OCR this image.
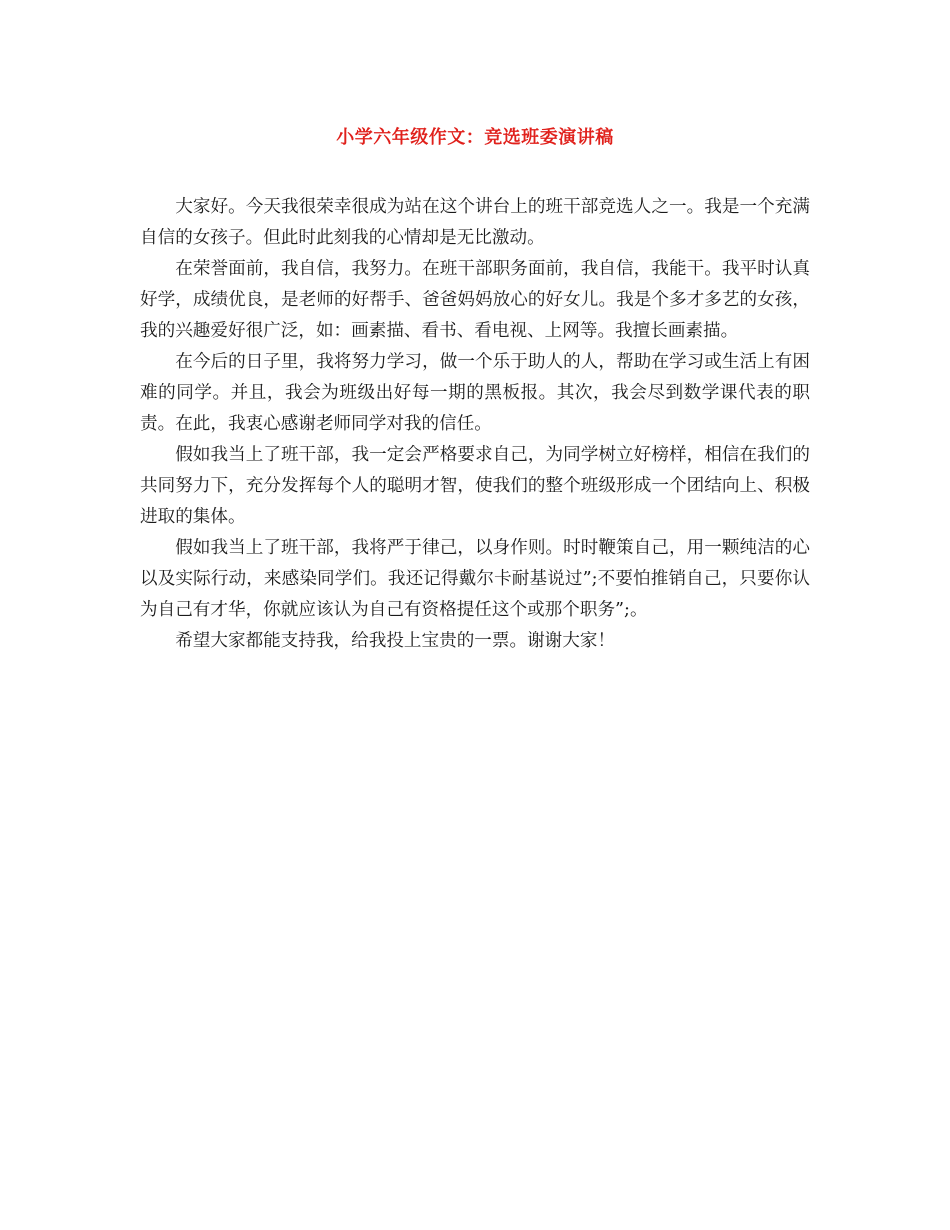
小学六年级作文：竞选班委演讲稿

大家好。今天我很荣幸很成为站在这个讲台上的班干部竞选人之一。我是一个充满自信的女孩子。但此时此刻我的心情却是无比激动。

在荣誉面前，我自信，我努力。在班干部职务面前，我自信，我能干。我平时认真好学，成绩优良，是老师的好帮手、爸爸妈妈放心的好女儿。我是个多才多艺的女孩，我的兴趣爱好很广泛，如：画素描、看书、看电视、上网等。我擅长画素描。

在今后的日子里，我将努力学习，做一个乐于助人的人，帮助在学习或生活上有困难的同学。并且，我会为班级出好每一期的黑板报。其次，我会尽到数学课代表的职责。在此，我衷心感谢老师同学对我的信任。

假如我当上了班干部，我一定会严格要求自己，为同学树立好榜样，相信在我们的共同努力下，充分发挥每个人的聪明才智，使我们的整个班级形成一个团结向上、积极进取的集体。

假如我当上了班干部，我将严于律己，以身作则。时时鞭策自己，用一颗纯洁的心以及实际行动，来感染同学们。我还记得戴尔卡耐基说过”;不要怕推销自己，只要你认为自己有才华，你就应该认为自己有资格提任这个或那个职务”;。

希望大家都能支持我，给我投上宝贵的一票。谢谢大家！
